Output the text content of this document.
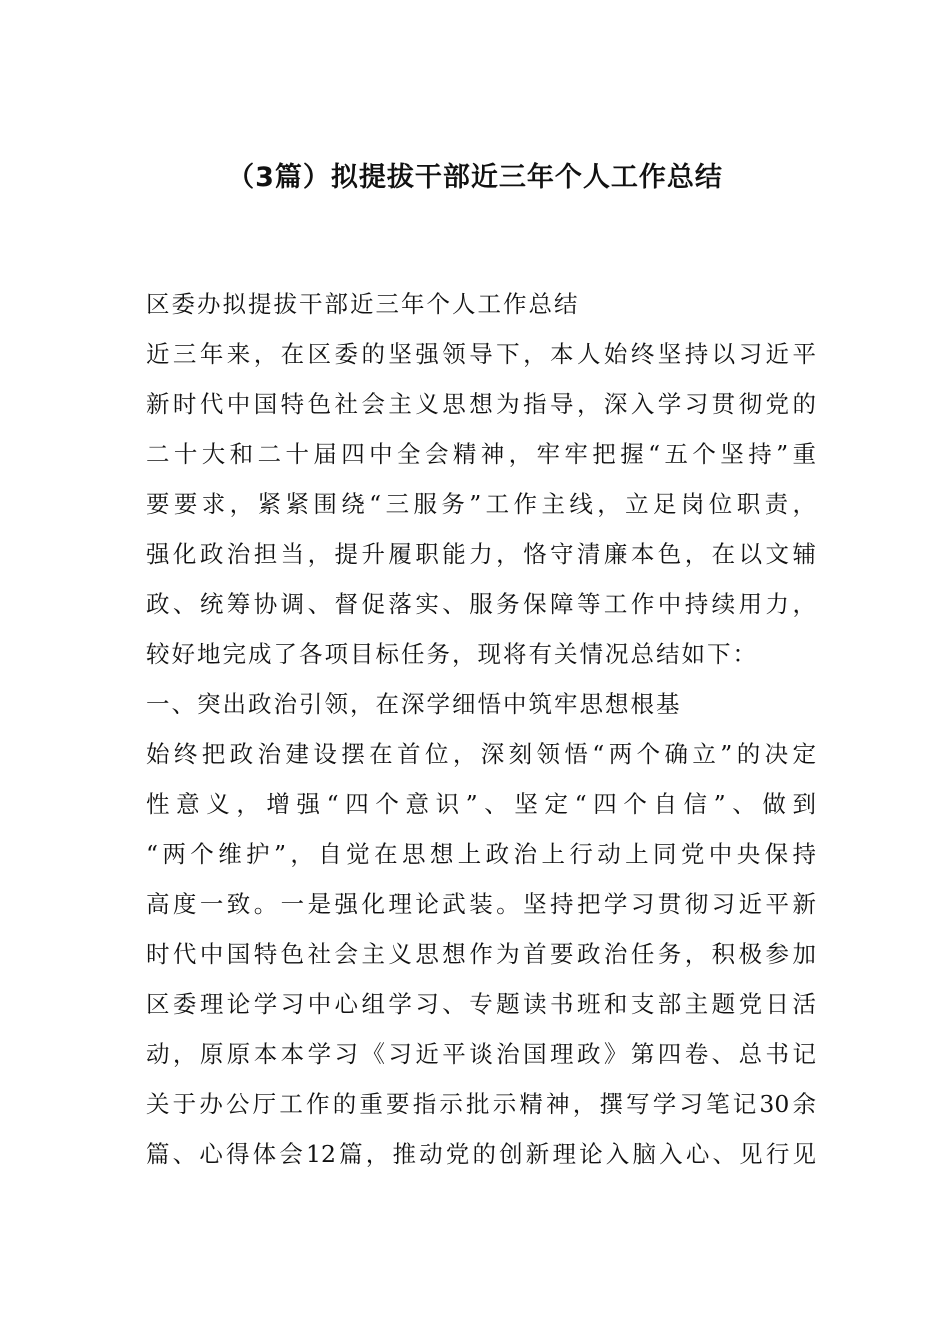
（3篇）拟提拔干部近三年个人工作总结
区委办拟提拔干部近三年个人工作总结
近三年来，在区委的坚强领导下，本人始终坚持以习近平
新时代中国特色社会主义思想为指导，深入学习贯彻党的
二十大和二十届四中全会精神，牢牢把握“五个坚持”重
要要求，紧紧围绕“三服务”工作主线，立足岗位职责，
强化政治担当，提升履职能力，恪守清廉本色，在以文辅
政、统筹协调、督促落实、服务保障等工作中持续用力，
较好地完成了各项目标任务，现将有关情况总结如下：
一、突出政治引领，在深学细悟中筑牢思想根基
始终把政治建设摆在首位，深刻领悟“两个确立”的决定
性意义，增强“四个意识”、坚定“四个自信”、做到
“两个维护”，自觉在思想上政治上行动上同党中央保持
高度一致。一是强化理论武装。坚持把学习贯彻习近平新
时代中国特色社会主义思想作为首要政治任务，积极参加
区委理论学习中心组学习、专题读书班和支部主题党日活
动，原原本本学习《习近平谈治国理政》第四卷、总书记
关于办公厅工作的重要指示批示精神，撰写学习笔记30余
篇、心得体会12篇，推动党的创新理论入脑入心、见行见
